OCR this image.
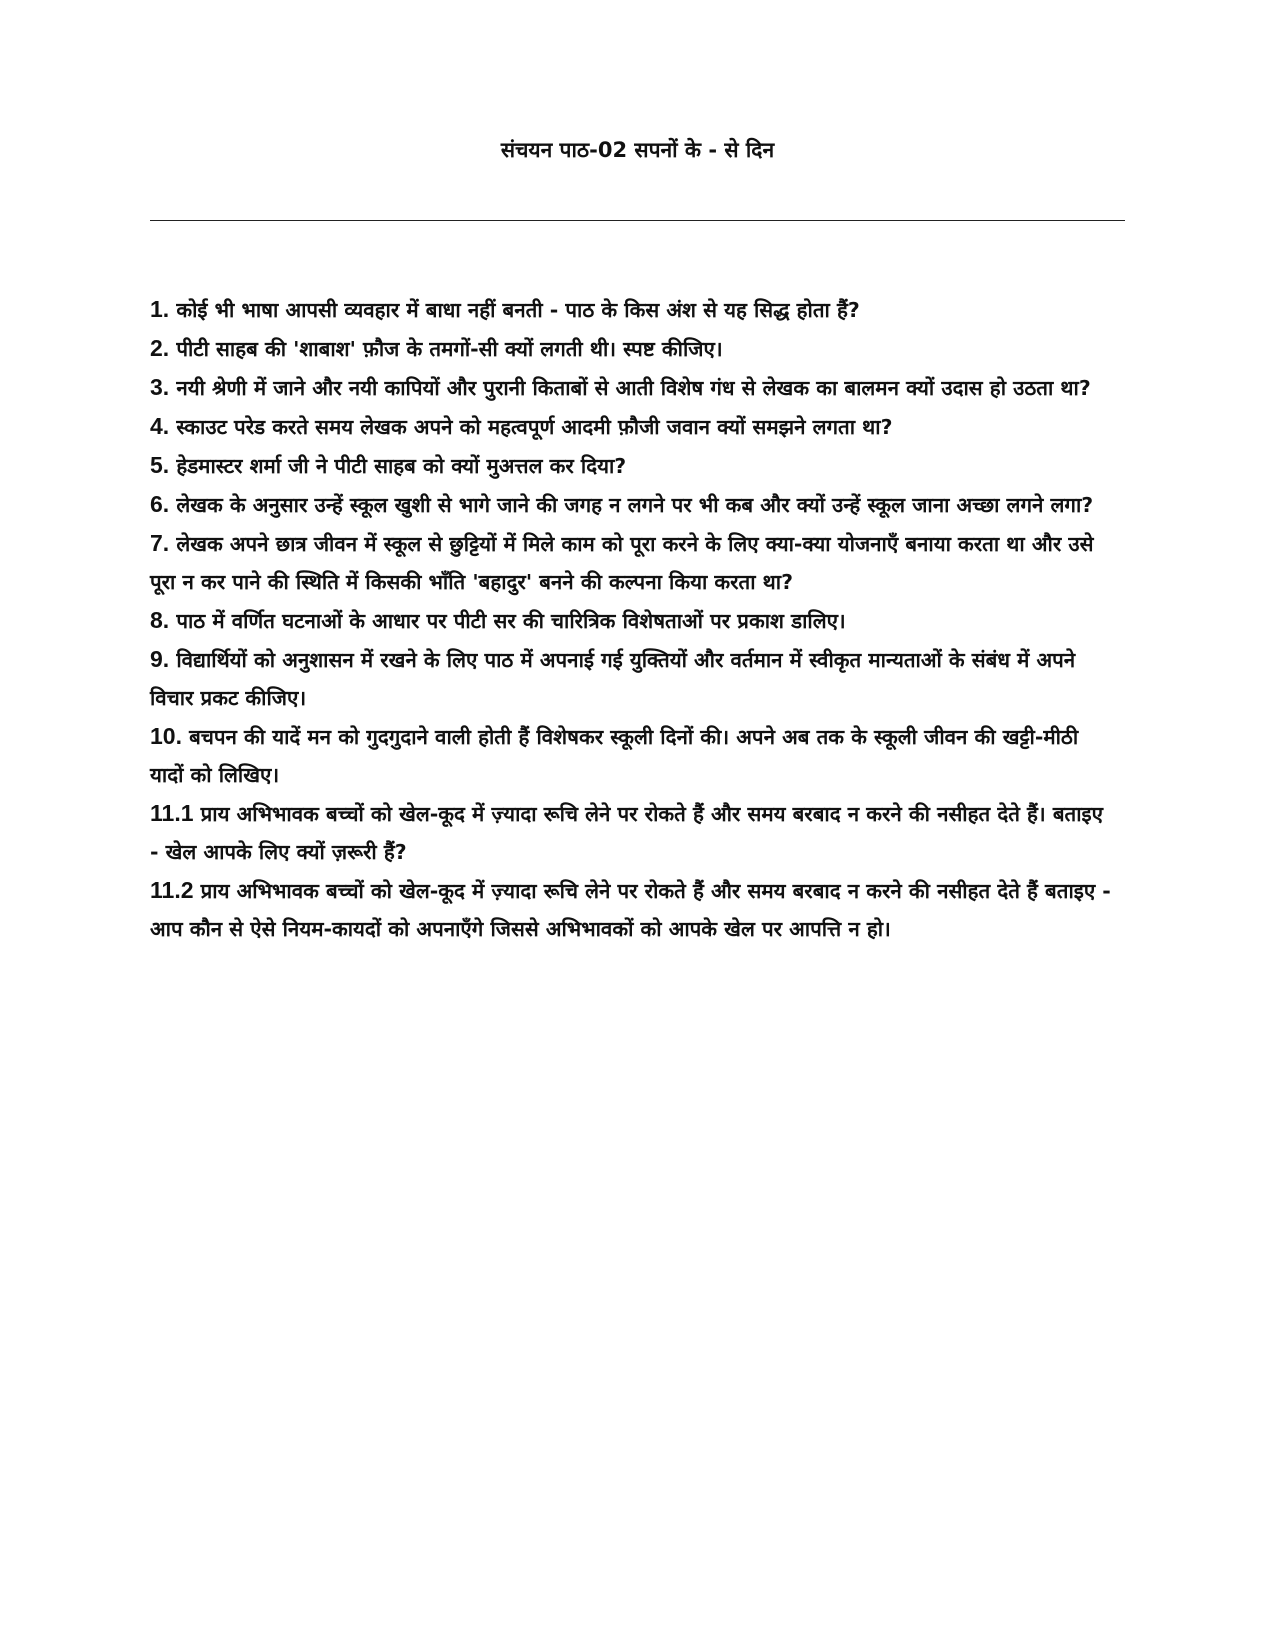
संचयन पाठ-02 सपनों के - से दिन
1. कोई भी भाषा आपसी व्यवहार में बाधा नहीं बनती - पाठ के किस अंश से यह सिद्ध होता हैं?
2. पीटी साहब की 'शाबाश' फ़ौज के तमगों-सी क्यों लगती थी। स्पष्ट कीजिए।
3. नयी श्रेणी में जाने और नयी कापियों और पुरानी किताबों से आती विशेष गंध से लेखक का बालमन क्यों उदास हो उठता था?
4. स्काउट परेड करते समय लेखक अपने को महत्वपूर्ण आदमी फ़ौजी जवान क्यों समझने लगता था?
5. हेडमास्टर शर्मा जी ने पीटी साहब को क्यों मुअत्तल कर दिया?
6. लेखक के अनुसार उन्हें स्कूल खुशी से भागे जाने की जगह न लगने पर भी कब और क्यों उन्हें स्कूल जाना अच्छा लगने लगा?
7. लेखक अपने छात्र जीवन में स्कूल से छुट्टियों में मिले काम को पूरा करने के लिए क्या-क्या योजनाएँ बनाया करता था और उसे पूरा न कर पाने की स्थिति में किसकी भाँति 'बहादुर' बनने की कल्पना किया करता था?
8. पाठ में वर्णित घटनाओं के आधार पर पीटी सर की चारित्रिक विशेषताओं पर प्रकाश डालिए।
9. विद्यार्थियों को अनुशासन में रखने के लिए पाठ में अपनाई गई युक्तियों और वर्तमान में स्वीकृत मान्यताओं के संबंध में अपने विचार प्रकट कीजिए।
10. बचपन की यादें मन को गुदगुदाने वाली होती हैं विशेषकर स्कूली दिनों की। अपने अब तक के स्कूली जीवन की खट्टी-मीठी यादों को लिखिए।
11.1 प्राय अभिभावक बच्चों को खेल-कूद में ज़्यादा रूचि लेने पर रोकते हैं और समय बरबाद न करने की नसीहत देते हैं। बताइए - खेल आपके लिए क्यों ज़रूरी हैं?
11.2 प्राय अभिभावक बच्चों को खेल-कूद में ज़्यादा रूचि लेने पर रोकते हैं और समय बरबाद न करने की नसीहत देते हैं बताइए - आप कौन से ऐसे नियम-कायदों को अपनाएँगे जिससे अभिभावकों को आपके खेल पर आपत्ति न हो।
